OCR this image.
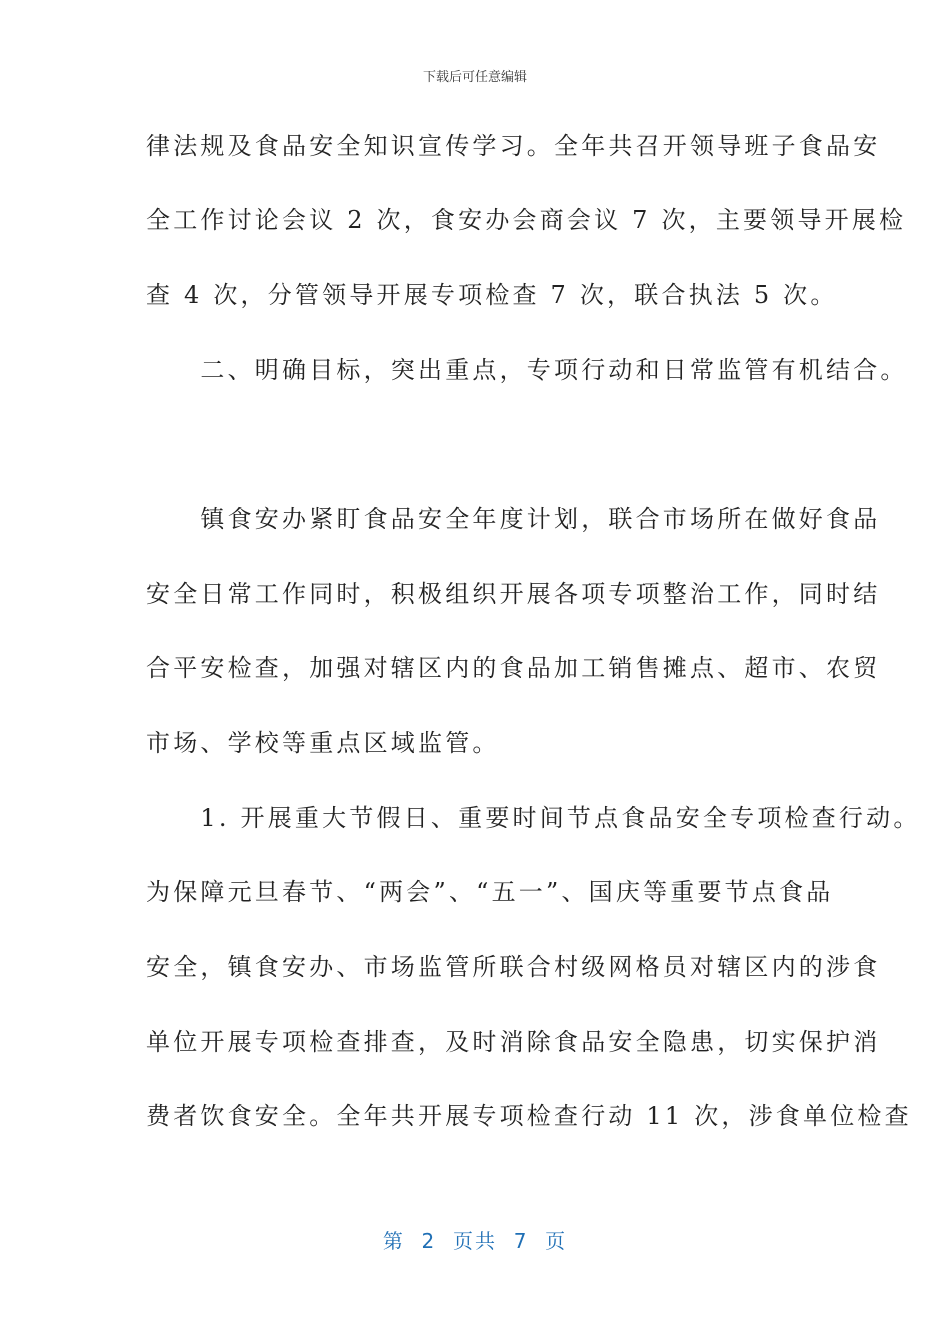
下载后可任意编辑
律法规及食品安全知识宣传学习。全年共召开领导班子食品安
全工作讨论会议 2 次，食安办会商会议 7 次，主要领导开展检
查 4 次，分管领导开展专项检查 7 次，联合执法 5 次。
　　二、明确目标，突出重点，专项行动和日常监管有机结合。
　　镇食安办紧盯食品安全年度计划，联合市场所在做好食品
安全日常工作同时，积极组织开展各项专项整治工作，同时结
合平安检查，加强对辖区内的食品加工销售摊点、超市、农贸
市场、学校等重点区域监管。
　　1. 开展重大节假日、重要时间节点食品安全专项检查行动。
为保障元旦春节、“两会”、“五一”、国庆等重要节点食品
安全，镇食安办、市场监管所联合村级网格员对辖区内的涉食
单位开展专项检查排查，及时消除食品安全隐患，切实保护消
费者饮食安全。全年共开展专项检查行动 11 次，涉食单位检查
第  2  页共  7  页
